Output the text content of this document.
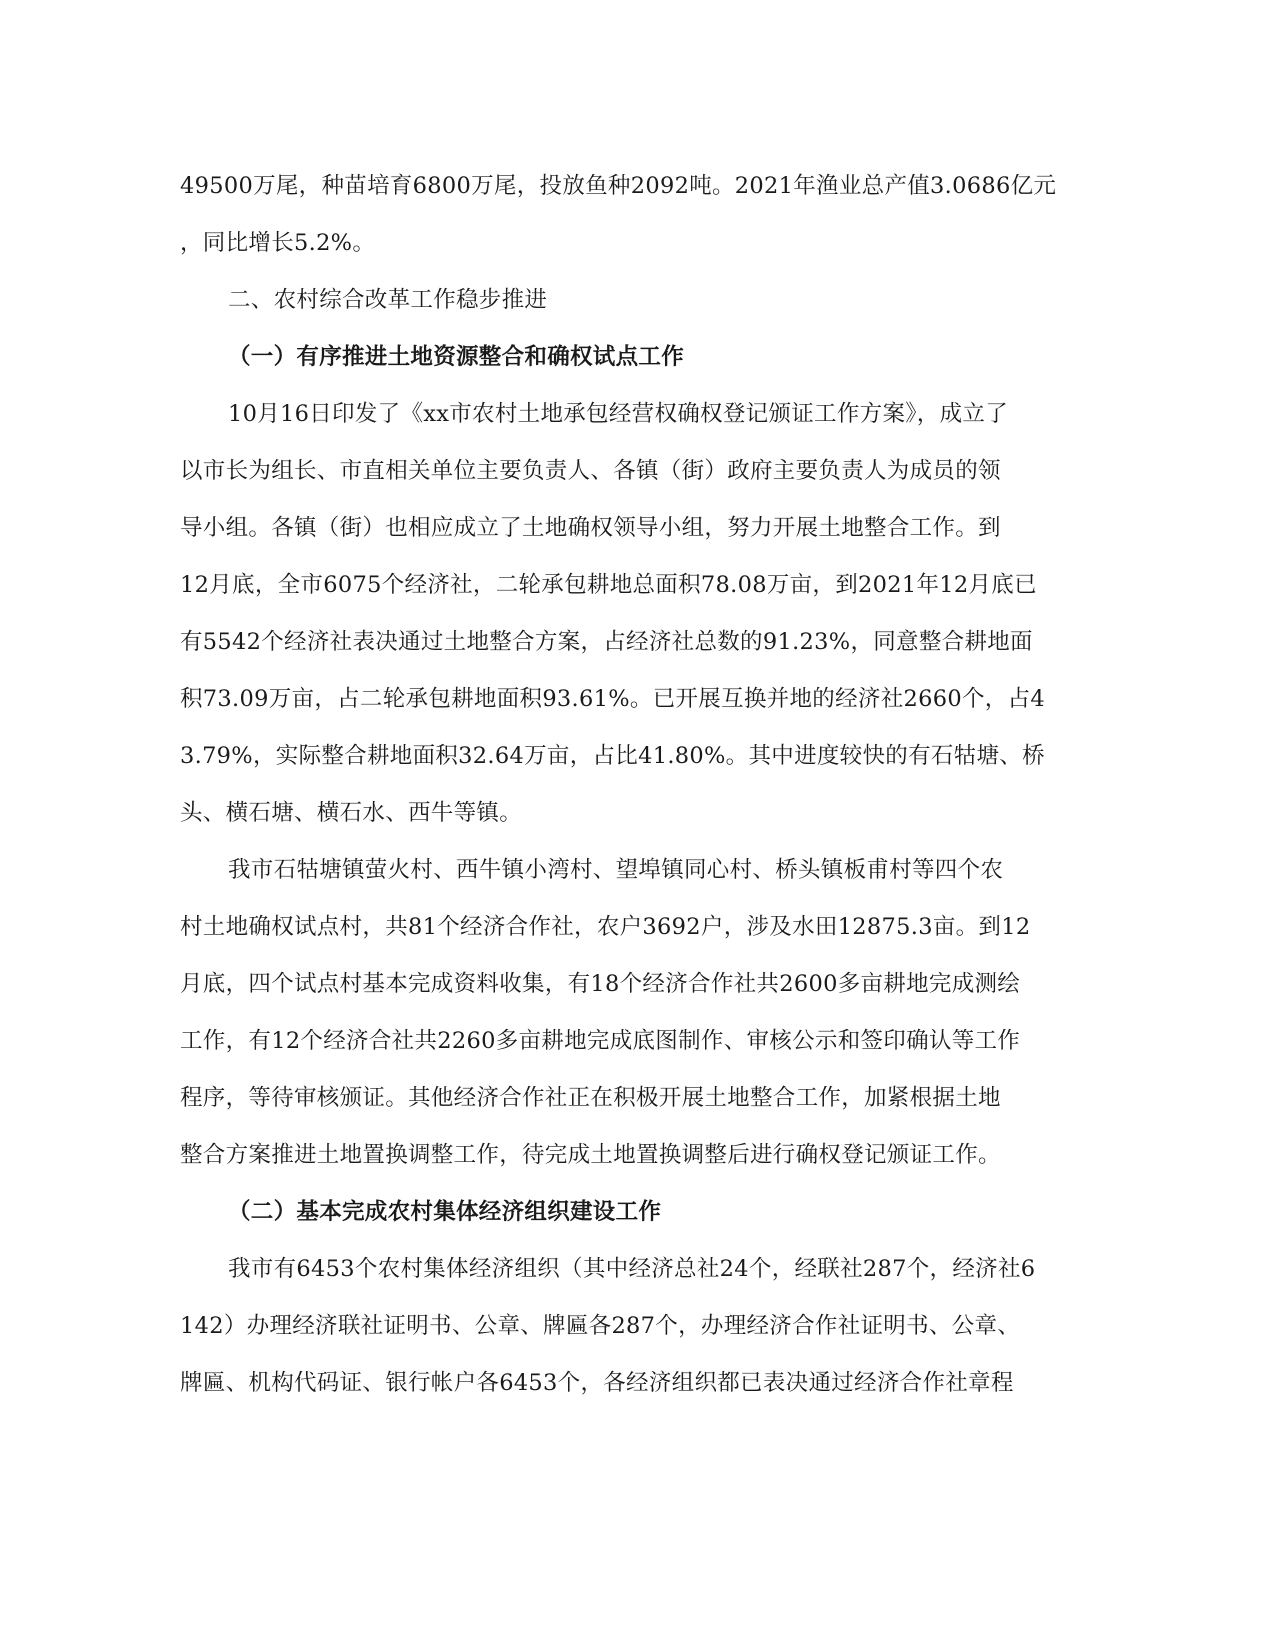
49500万尾，种苗培育6800万尾，投放鱼种2092吨。2021年渔业总产值3.0686亿元
，同比增长5.2%。
二、农村综合改革工作稳步推进
（一）有序推进土地资源整合和确权试点工作
10月16日印发了《xx市农村土地承包经营权确权登记颁证工作方案》，成立了
以市长为组长、市直相关单位主要负责人、各镇（街）政府主要负责人为成员的领
导小组。各镇（街）也相应成立了土地确权领导小组，努力开展土地整合工作。到
12月底，全市6075个经济社，二轮承包耕地总面积78.08万亩，到2021年12月底已
有5542个经济社表决通过土地整合方案，占经济社总数的91.23%，同意整合耕地面
积73.09万亩，占二轮承包耕地面积93.61%。已开展互换并地的经济社2660个，占4
3.79%，实际整合耕地面积32.64万亩，占比41.80%。其中进度较快的有石牯塘、桥
头、横石塘、横石水、西牛等镇。
我市石牯塘镇萤火村、西牛镇小湾村、望埠镇同心村、桥头镇板甫村等四个农
村土地确权试点村，共81个经济合作社，农户3692户，涉及水田12875.3亩。到12
月底，四个试点村基本完成资料收集，有18个经济合作社共2600多亩耕地完成测绘
工作，有12个经济合社共2260多亩耕地完成底图制作、审核公示和签印确认等工作
程序，等待审核颁证。其他经济合作社正在积极开展土地整合工作，加紧根据土地
整合方案推进土地置换调整工作，待完成土地置换调整后进行确权登记颁证工作。
（二）基本完成农村集体经济组织建设工作
我市有6453个农村集体经济组织（其中经济总社24个，经联社287个，经济社6
142）办理经济联社证明书、公章、牌匾各287个，办理经济合作社证明书、公章、
牌匾、机构代码证、银行帐户各6453个，各经济组织都已表决通过经济合作社章程
